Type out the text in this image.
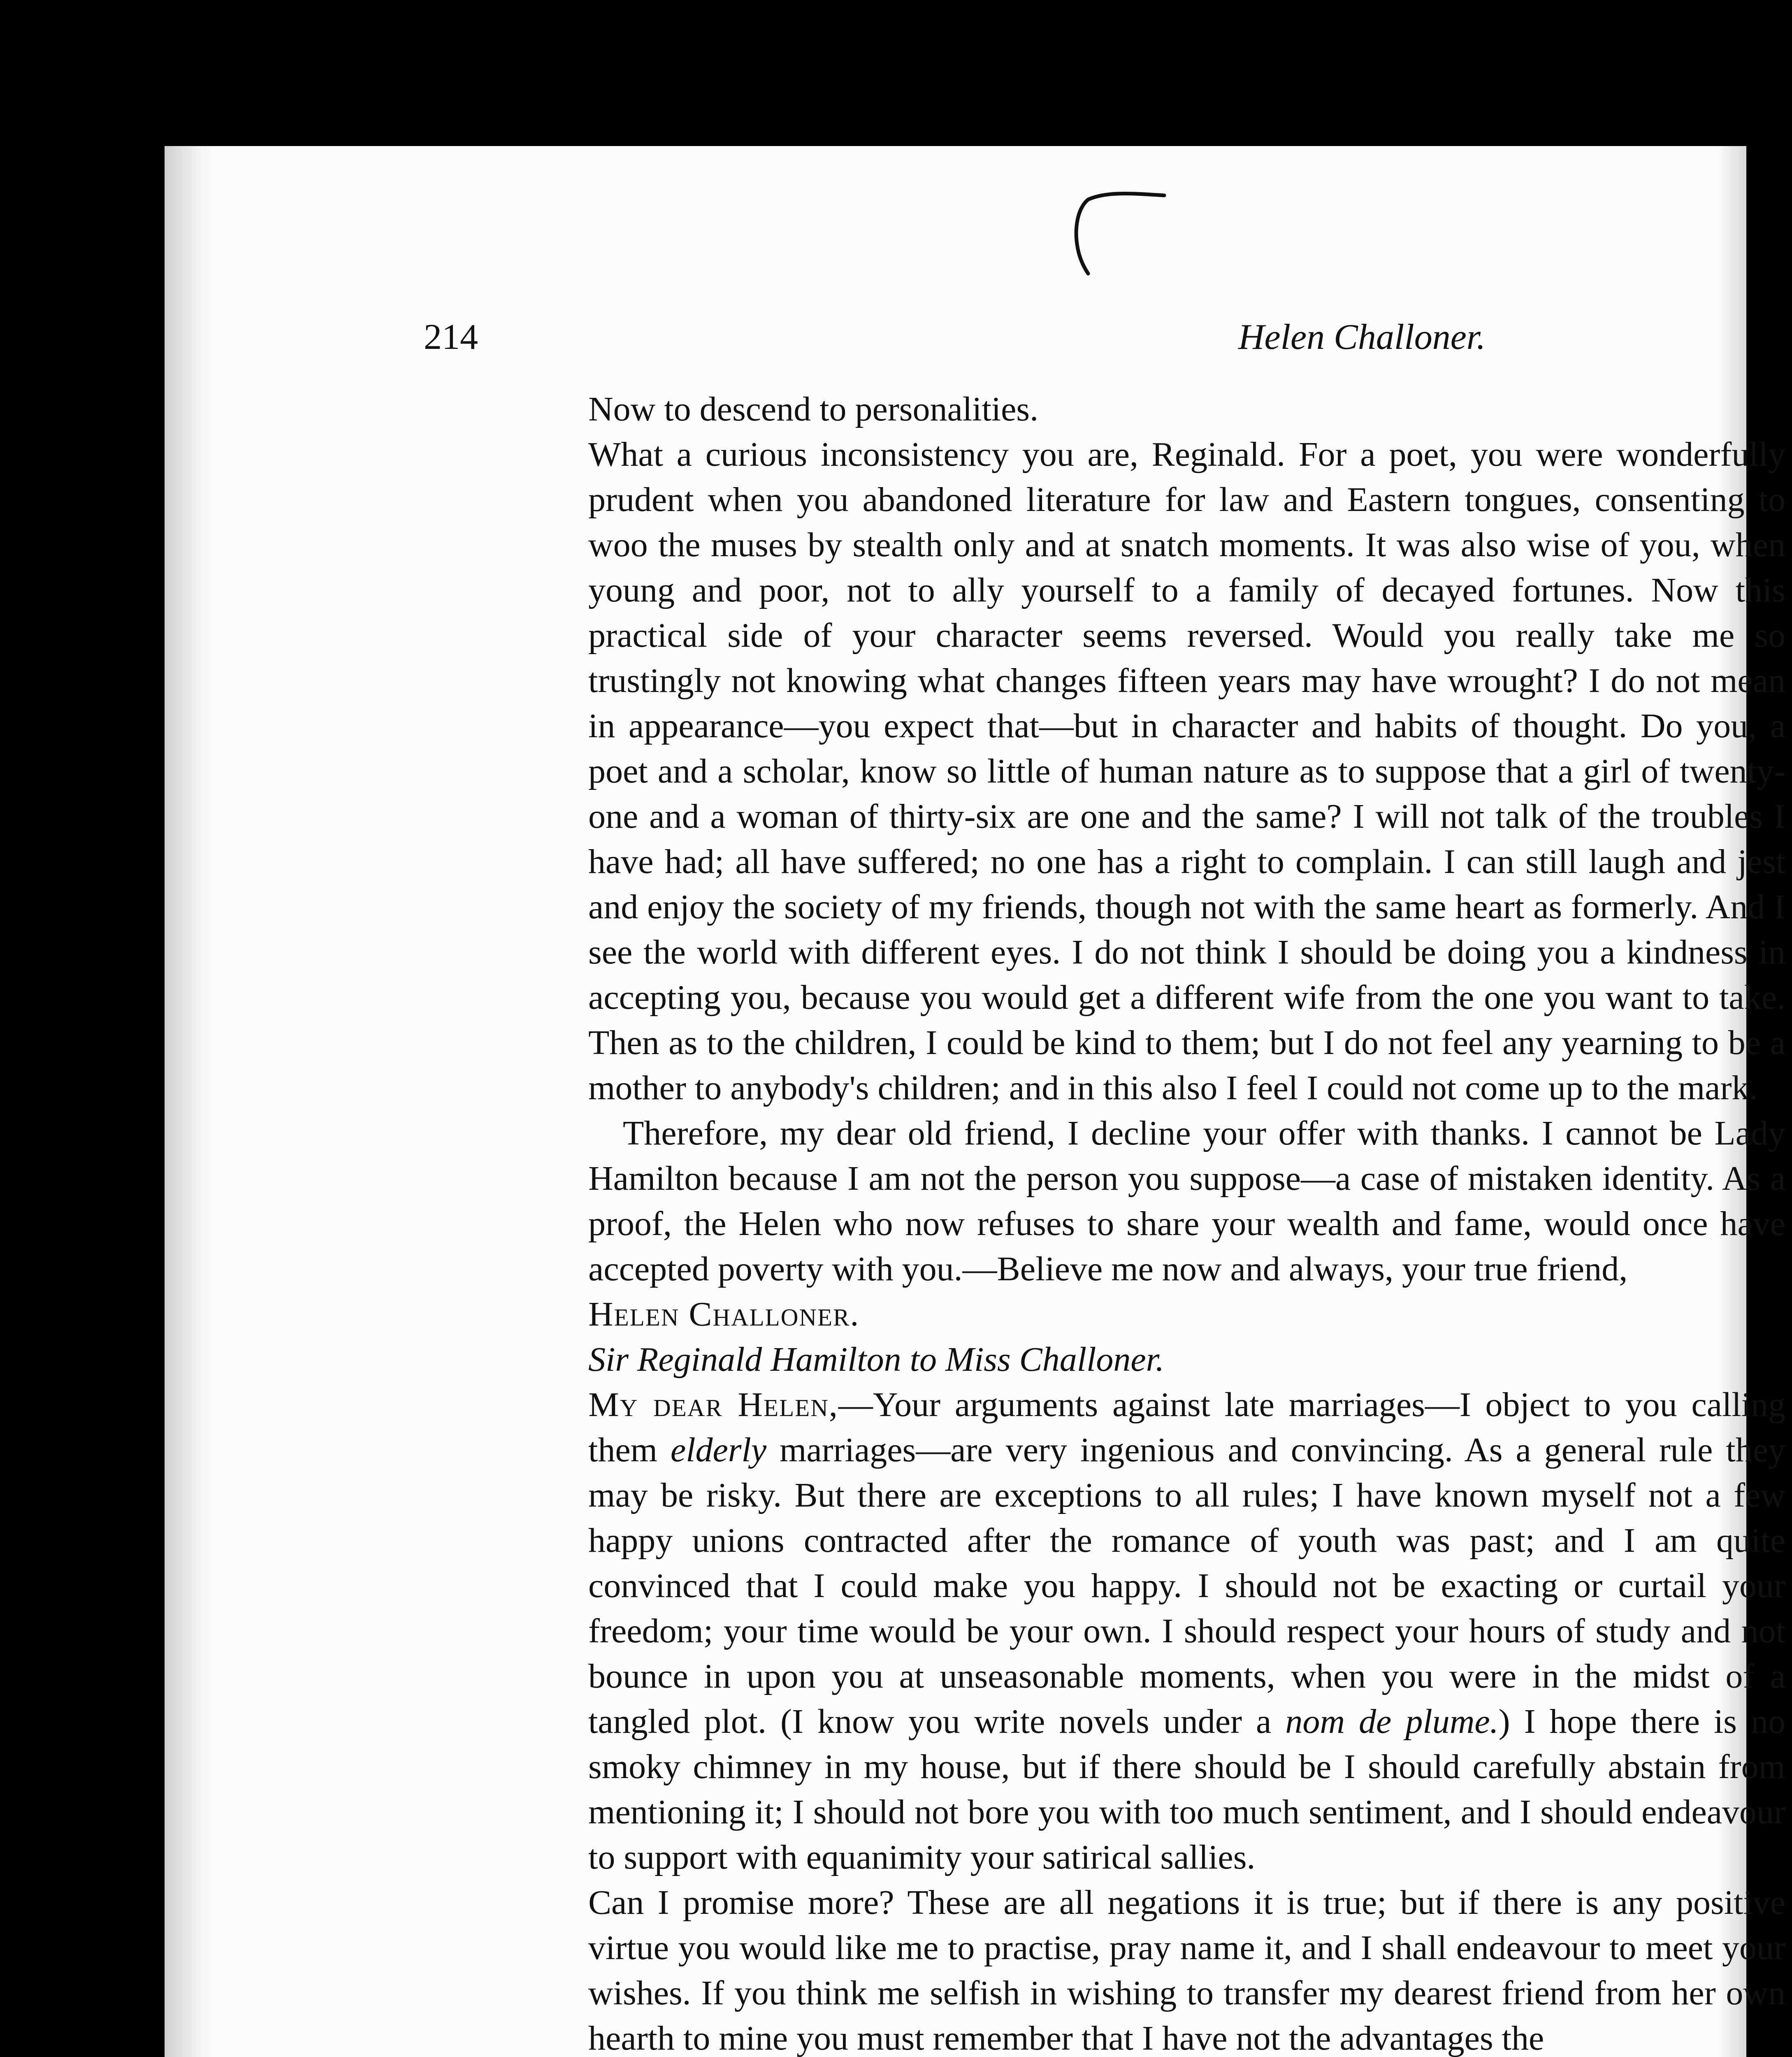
214	Helen Challoner.

Now to descend to personalities.

What a curious inconsistency you are, Reginald. For a poet, you were wonderfully prudent when you abandoned literature for law and Eastern tongues, consenting to woo the muses by stealth only and at snatch moments. It was also wise of you, when young and poor, not to ally yourself to a family of decayed fortunes. Now this practical side of your character seems reversed. Would you really take me so trustingly not knowing what changes fifteen years may have wrought? I do not mean in appearance—you expect that—but in character and habits of thought. Do you, a poet and a scholar, know so little of human nature as to suppose that a girl of twenty-one and a woman of thirty-six are one and the same? I will not talk of the troubles I have had; all have suffered; no one has a right to complain. I can still laugh and jest and enjoy the society of my friends, though not with the same heart as formerly. And I see the world with different eyes. I do not think I should be doing you a kindness in accepting you, because you would get a different wife from the one you want to take. Then as to the children, I could be kind to them; but I do not feel any yearning to be a mother to anybody's children; and in this also I feel I could not come up to the mark.

Therefore, my dear old friend, I decline your offer with thanks. I cannot be Lady Hamilton because I am not the person you suppose—a case of mistaken identity. As a proof, the Helen who now refuses to share your wealth and fame, would once have accepted poverty with you.—Believe me now and always, your true friend,

Helen Challoner.

Sir Reginald Hamilton to Miss Challoner.

My dear Helen,—Your arguments against late marriages—I object to you calling them elderly marriages—are very ingenious and convincing. As a general rule they may be risky. But there are exceptions to all rules; I have known myself not a few happy unions contracted after the romance of youth was past; and I am quite convinced that I could make you happy. I should not be exacting or curtail your freedom; your time would be your own. I should respect your hours of study and not bounce in upon you at unseasonable moments, when you were in the midst of a tangled plot. (I know you write novels under a nom de plume.) I hope there is no smoky chimney in my house, but if there should be I should carefully abstain from mentioning it; I should not bore you with too much sentiment, and I should endeavour to support with equanimity your satirical sallies.

Can I promise more? These are all negations it is true; but if there is any positive virtue you would like me to practise, pray name it, and I shall endeavour to meet your wishes. If you think me selfish in wishing to transfer my dearest friend from her own hearth to mine you must remember that I have not the advantages the
